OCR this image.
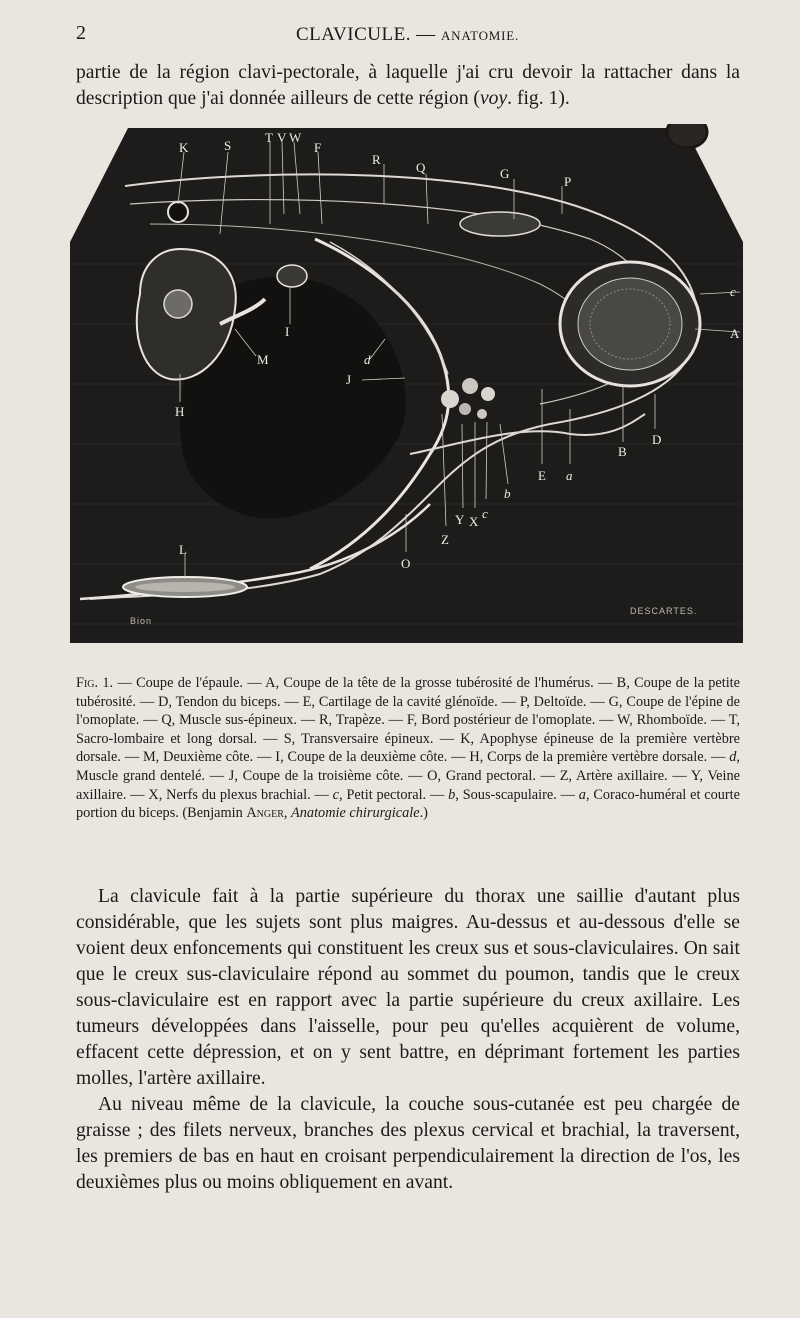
2	CLAVICULE. — ANATOMIE.
partie de la région clavi-pectorale, à laquelle j'ai cru devoir la rattacher dans la description que j'ai donnée ailleurs de cette région (voy. fig. 1).
K	S
T V W
F
R
Q	G
P
c
A
I
M
H
d
J
E a
B
D
b
Y X
c
Z
O
L
Bion
DESCARTES.
Fig. 1. — Coupe de l'épaule. — A, Coupe de la tête de la grosse tubérosité de l'humérus. — B, Coupe de la petite tubérosité. — D, Tendon du biceps. — E, Cartilage de la cavité glénoïde. — P, Deltoïde. — G, Coupe de l'épine de l'omoplate. — Q, Muscle sus-épineux. — R, Trapèze. — F, Bord postérieur de l'omoplate. — W, Rhomboïde. — T, Sacro-lombaire et long dorsal. — S, Transversaire épineux. — K, Apophyse épineuse de la première vertèbre dorsale. — M, Deuxième côte. — I, Coupe de la deuxième côte. — H, Corps de la première vertèbre dorsale. — d, Muscle grand dentelé. — J, Coupe de la troisième côte. — O, Grand pectoral. — Z, Artère axillaire. — Y, Veine axillaire. — X, Nerfs du plexus brachial. — c, Petit pectoral. — b, Sous-scapulaire. — a, Coraco-huméral et courte portion du biceps. (Benjamin Anger, Anatomie chirurgicale.)

La clavicule fait à la partie supérieure du thorax une saillie d'autant plus considérable, que les sujets sont plus maigres. Au-dessus et au-dessous d'elle se voient deux enfoncements qui constituent les creux sus et sous-claviculaires. On sait que le creux sus-claviculaire répond au sommet du poumon, tandis que le creux sous-claviculaire est en rapport avec la partie supérieure du creux axillaire. Les tumeurs développées dans l'aisselle, pour peu qu'elles acquièrent de volume, effacent cette dépression, et on y sent battre, en déprimant fortement les parties molles, l'artère axillaire.

Au niveau même de la clavicule, la couche sous-cutanée est peu chargée de graisse ; des filets nerveux, branches des plexus cervical et brachial, la traversent, les premiers de bas en haut en croisant perpendiculairement la direction de l'os, les deuxièmes plus ou moins obliquement en avant.
